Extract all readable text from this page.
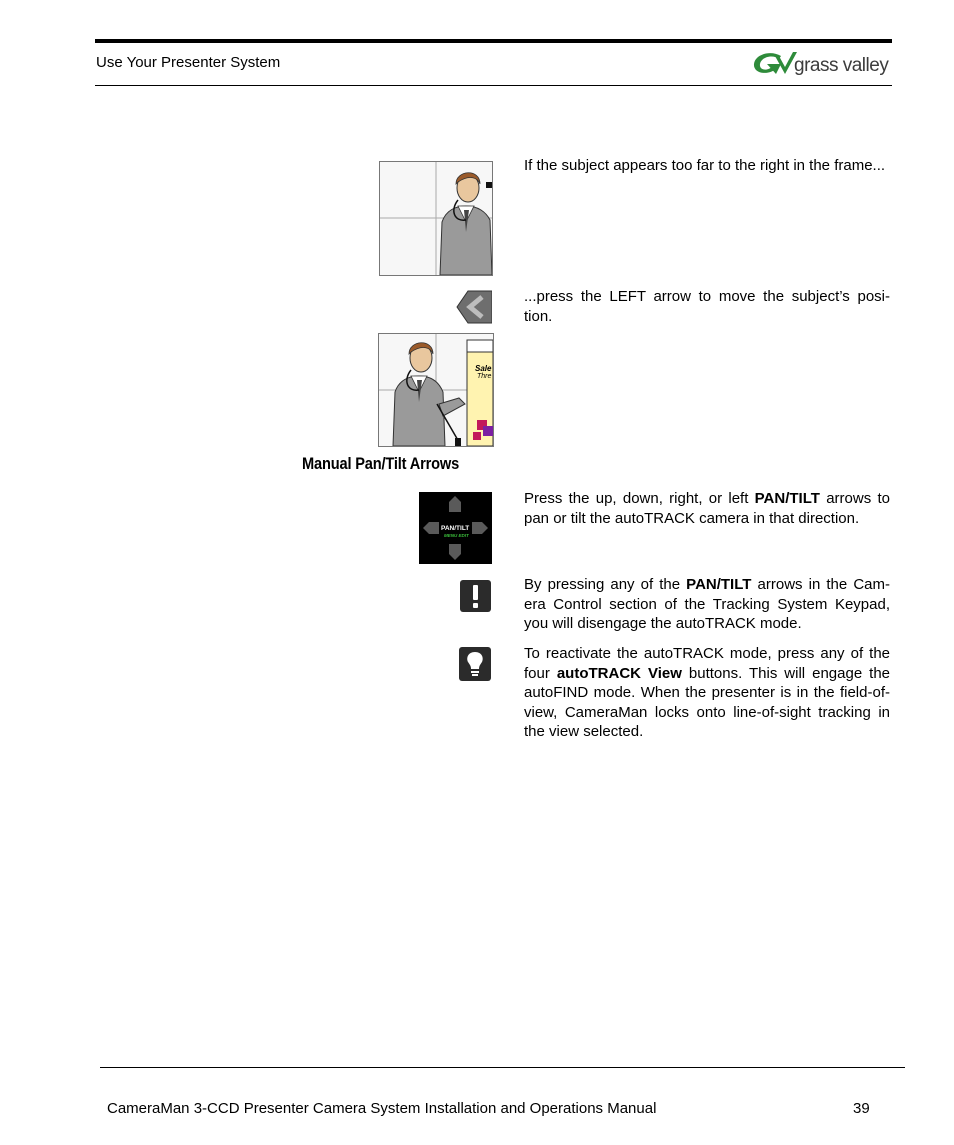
Use Your Presenter System	grass valley
If the subject appears too far to the right in the frame...
...press the LEFT arrow to move the subject’s posi-tion.
Sale
Thre
Manual Pan/Tilt Arrows
PAN/TILT
MENU EDIT
Press the up, down, right, or left PAN/TILT arrows to pan or tilt the autoTRACK camera in that direction.
By pressing any of the PAN/TILT arrows in the Cam-era Control section of the Tracking System Keypad, you will disengage the autoTRACK mode.
To reactivate the autoTRACK mode, press any of the four autoTRACK View buttons. This will engage the autoFIND mode. When the presenter is in the field-of-view, CameraMan locks onto line-of-sight tracking in the view selected.
CameraMan 3-CCD Presenter Camera System Installation and Operations Manual	39
